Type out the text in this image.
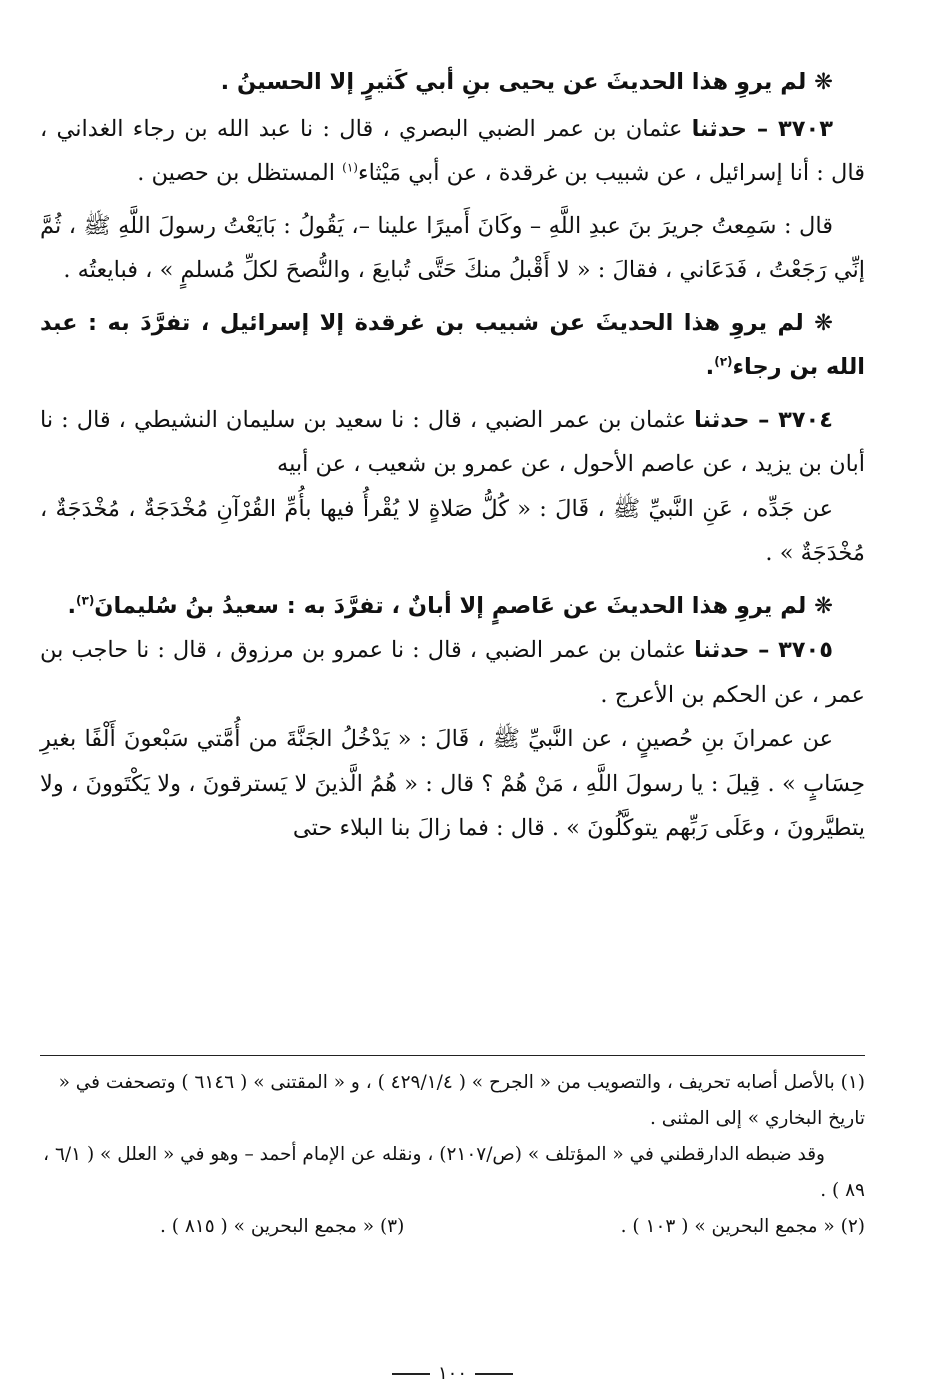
❋ لم يروِ هذا الحديثَ عن يحيى بنِ أبي كَثيرٍ إلا الحسينُ .

٣٧٠٣ – حدثنا عثمان بن عمر الضبي البصري ، قال : نا عبد الله بن رجاء الغداني ، قال : أنا إسرائيل ، عن شبيب بن غرقدة ، عن أبي مَيْثاء$^{(١)}$ المستظل بن حصين .

قال : سَمِعتُ جريرَ بنَ عبدِ اللَّهِ – وكَانَ أَميرًا علينا –، يَقُولُ : بَايَعْتُ رسولَ اللَّهِ ﷺ ، ثُمَّ إنِّي رَجَعْتُ ، فَدَعَاني ، فقالَ : « لا أَقْبلُ منكَ حَتَّى تُبايعَ ، والنُّصحَ لكلِّ مُسلمٍ » ، فبايعتُه .

❋ لم يروِ هذا الحديثَ عن شبيب بن غرقدة إلا إسرائيل ، تفرَّدَ به : عبد الله بن رجاء$^{(٢)}$.

٣٧٠٤ – حدثنا عثمان بن عمر الضبي ، قال : نا سعيد بن سليمان النشيطي ، قال : نا أبان بن يزيد ، عن عاصم الأحول ، عن عمرو بن شعيب ، عن أبيه

عن جَدِّه ، عَنِ النَّبيِّ ﷺ ، قَالَ : « كُلُّ صَلاةٍ لا يُقْرأُ فيها بأُمِّ القُرْآنِ مُخْدَجَةٌ ، مُخْدَجَةٌ ، مُخْدَجَةٌ » .

❋ لم يروِ هذا الحديثَ عن عَاصمٍ إلا أبانٌ ، تفرَّدَ به : سعيدُ بنُ سُليمانَ$^{(٣)}$.

٣٧٠٥ – حدثنا عثمان بن عمر الضبي ، قال : نا عمرو بن مرزوق ، قال : نا حاجب بن عمر ، عن الحكم بن الأعرج .

عن عمرانَ بنِ حُصينٍ ، عن النَّبيِّ ﷺ ، قَالَ : « يَدْخُلُ الجَنَّةَ من أُمَّتي سَبْعونَ أَلْفًا بغيرِ حِسَابٍ » . قِيلَ : يا رسولَ اللَّهِ ، مَنْ هُمْ ؟ قال : « هُمُ الَّذينَ لا يَسترقونَ ، ولا يَكْتَوونَ ، ولا يتطيَّرونَ ، وعَلَى رَبِّهم يتوكَّلُونَ » . قال : فما زالَ بنا البلاء حتى

(١) بالأصل أصابه تحريف ، والتصويب من « الجرح » ( ٤٢٩/١/٤ ) ، و « المقتنى » ( ٦١٤٦ ) وتصحفت في « تاريخ البخاري » إلى المثنى .

وقد ضبطه الدارقطني في « المؤتلف » (ص/٢١٠٧) ، ونقله عن الإمام أحمد – وهو في « العلل » ( ٦/١ ، ٨٩ ) .

(٢) « مجمع البحرين » ( ١٠٣ ) .
(٣) « مجمع البحرين » ( ٨١٥ ) .
١٠٠
